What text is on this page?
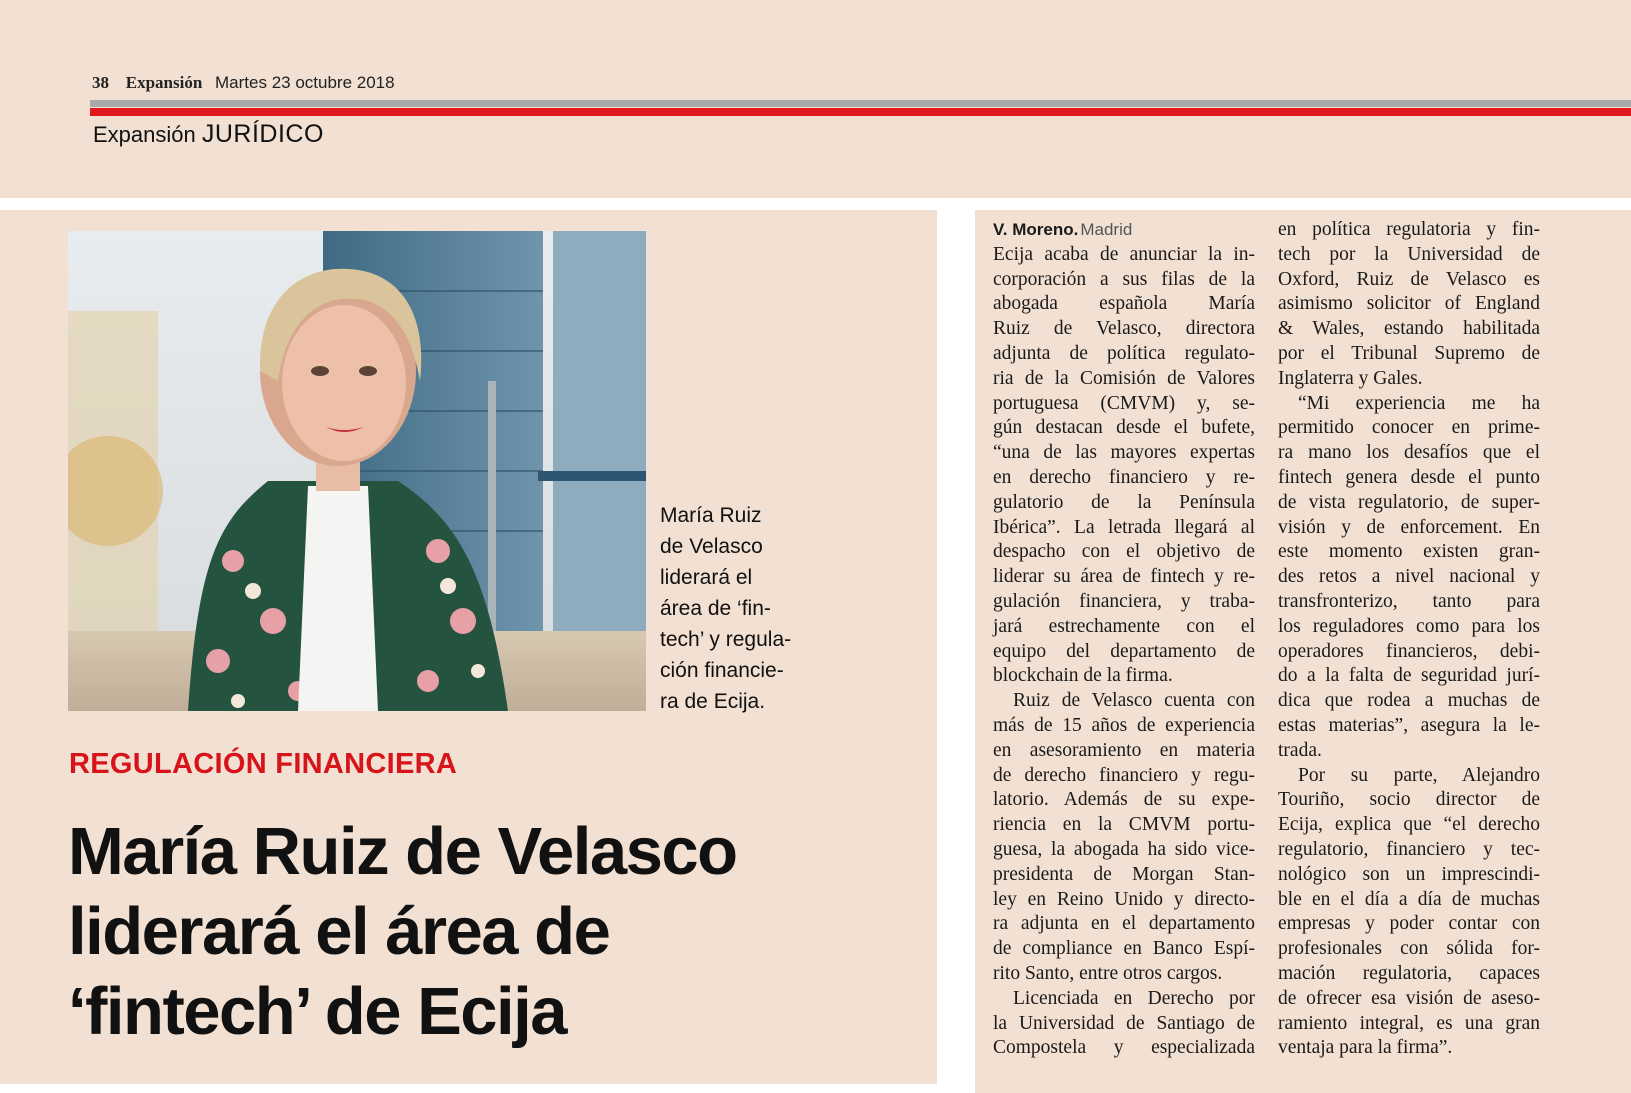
38 Expansión Martes 23 octubre 2018
Expansión JURÍDICO
María Ruiz
de Velasco
liderará el
área de ‘fin-
tech’ y regula-
ción financie-
ra de Ecija.
REGULACIÓN FINANCIERA
María Ruiz de Velasco
liderará el área de
‘fintech’ de Ecija
V. Moreno. Madrid
Ecija acaba de anunciar la in-
corporación a sus filas de la
abogada española María
Ruiz de Velasco, directora
adjunta de política regulato-
ria de la Comisión de Valores
portuguesa (CMVM) y, se-
gún destacan desde el bufete,
“una de las mayores expertas
en derecho financiero y re-
gulatorio de la Península
Ibérica”. La letrada llegará al
despacho con el objetivo de
liderar su área de fintech y re-
gulación financiera, y traba-
jará estrechamente con el
equipo del departamento de
blockchain de la firma.
Ruiz de Velasco cuenta con
más de 15 años de experiencia
en asesoramiento en materia
de derecho financiero y regu-
latorio. Además de su expe-
riencia en la CMVM portu-
guesa, la abogada ha sido vice-
presidenta de Morgan Stan-
ley en Reino Unido y directo-
ra adjunta en el departamento
de compliance en Banco Espí-
rito Santo, entre otros cargos.
Licenciada en Derecho por
la Universidad de Santiago de
Compostela y especializada
en política regulatoria y fin-
tech por la Universidad de
Oxford, Ruiz de Velasco es
asimismo solicitor of England
& Wales, estando habilitada
por el Tribunal Supremo de
Inglaterra y Gales.
“Mi experiencia me ha
permitido conocer en prime-
ra mano los desafíos que el
fintech genera desde el punto
de vista regulatorio, de super-
visión y de enforcement. En
este momento existen gran-
des retos a nivel nacional y
transfronterizo, tanto para
los reguladores como para los
operadores financieros, debi-
do a la falta de seguridad jurí-
dica que rodea a muchas de
estas materias”, asegura la le-
trada.
Por su parte, Alejandro
Touriño, socio director de
Ecija, explica que “el derecho
regulatorio, financiero y tec-
nológico son un imprescindi-
ble en el día a día de muchas
empresas y poder contar con
profesionales con sólida for-
mación regulatoria, capaces
de ofrecer esa visión de aseso-
ramiento integral, es una gran
ventaja para la firma”.
